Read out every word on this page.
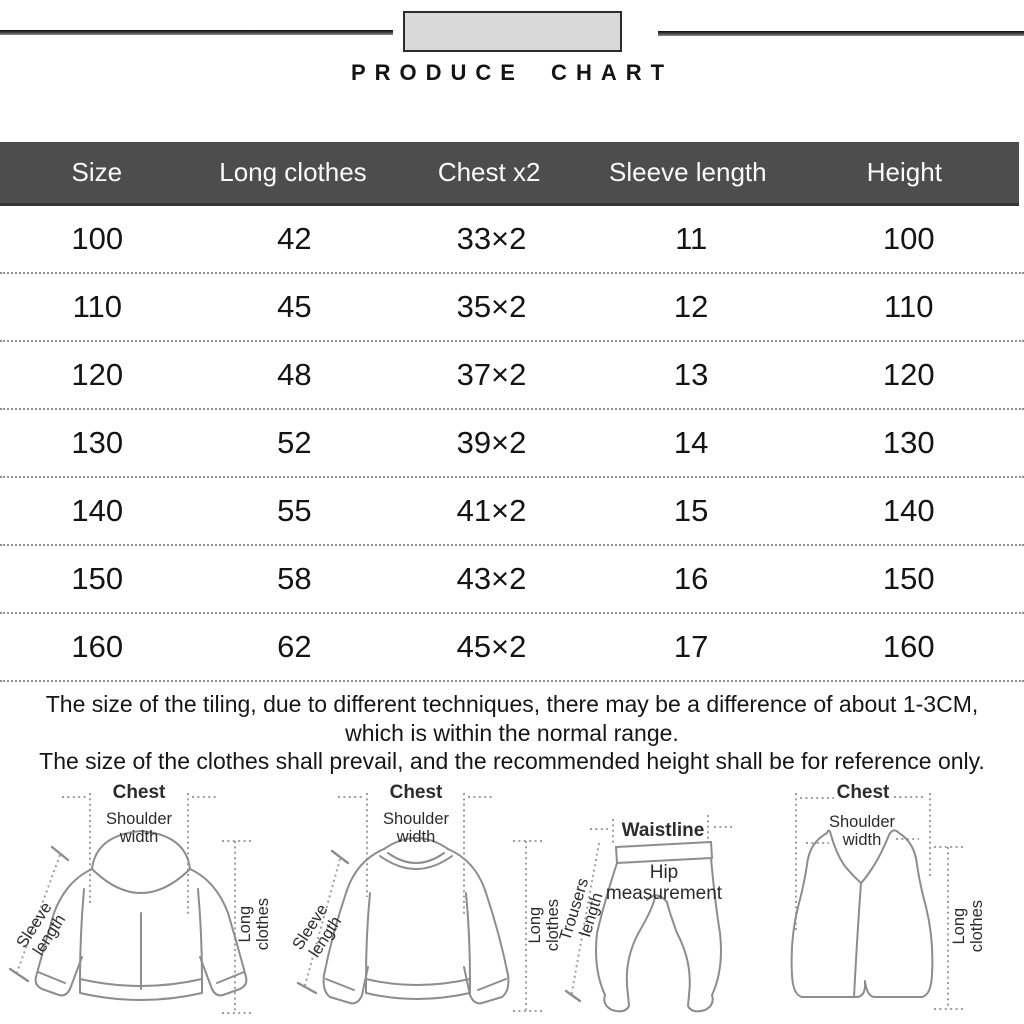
PRODUCE CHART
Size	Long clothes	Chest x2	Sleeve length	Height
100	42	33×2	11	100
110	45	35×2	12	110
120	48	37×2	13	120
130	52	39×2	14	130
140	55	41×2	15	140
150	58	43×2	16	150
160	62	45×2	17	160

The size of the tiling, due to different techniques, there may be a difference of about 1-3CM,

which is within the normal range.

The size of the clothes shall prevail, and the recommended height shall be for reference only.

Chest
Shoulder width
Sleeve length	Long clothes
Chest
Shoulder width
Sleeve length	Long clothes
Waistline
Hip measurement
Trousers length
Chest
Shoulder width
Long clothes
